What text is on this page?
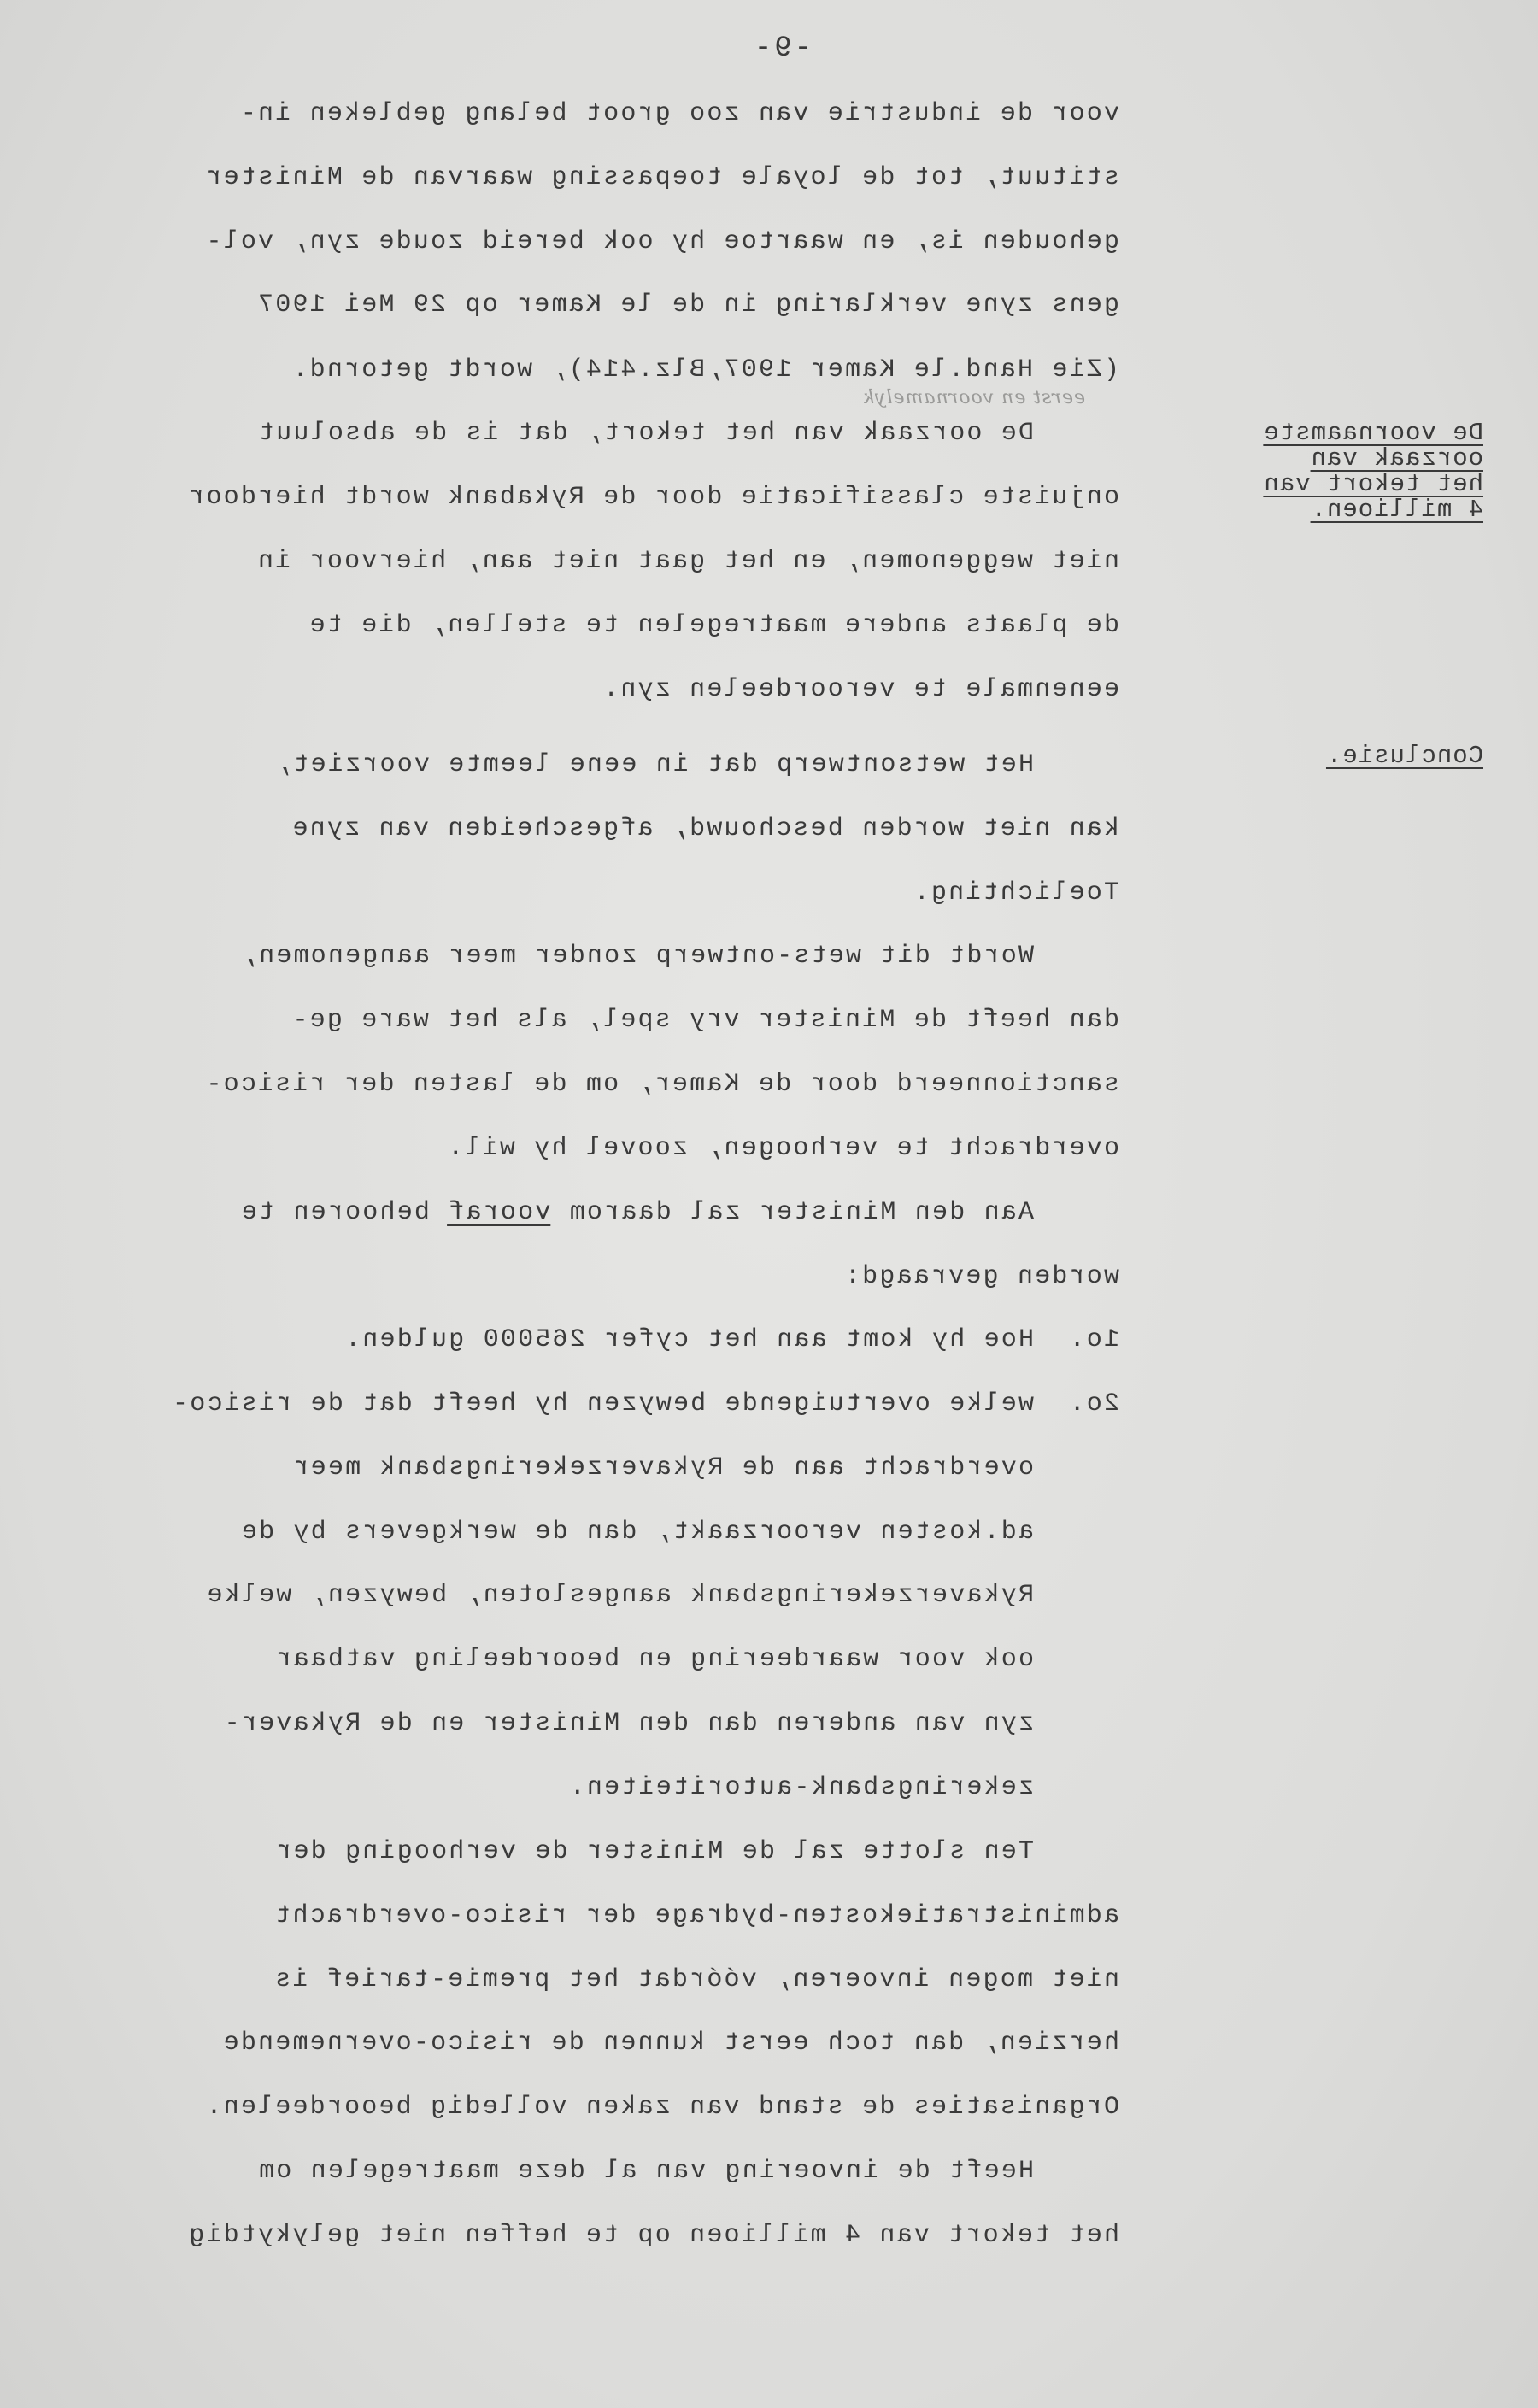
-9-
De voornaamste
oorzaak van
het tekort van
4 millioen.
Conclusie.
eerst en voornamelyk
voor de industrie van zoo groot belang gebleken in-
stituut, tot de loyale toepassing waarvan de Minister
gehouden is, en waartoe hy ook bereid zoude zyn, vol-
gens zyne verklaring in de le Kamer op 29 Mei 1907
(Zie Hand.le Kamer 1907,Blz.414), wordt getornd.
De oorzaak van het tekort, dat is de absoluut
onjuiste classificatie door de Rykabank wordt hierdoor
niet weggenomen, en het gaat niet aan, hiervoor in
de plaats andere maatregelen te stellen, die te
eenenmale te veroordeelen zyn.
Het wetsontwerp dat in eene leemte voorziet,
kan niet worden beschouwd, afgescheiden van zyne
Toelichting.
Wordt dit wets-ontwerp zonder meer aangenomen,
dan heeft de Minister vry spel, als het ware ge-
sanctionneerd door de Kamer, om de lasten der risico-
overdracht te verhoogen, zoovel hy wil.
Aan den Minister zal daarom vooraf behooren te
worden gevraagd:
1o.
Hoe hy komt aan het cyfer 265000 gulden.
2o.
welke overtuigende bewyzen hy heeft dat de risico-
overdracht aan de Rykaverzekeringsbank meer
ad.kosten veroorzaakt, dan de werkgevers by de
Rykaverzekeringsbank aangesloten, bewyzen, welke
ook voor waardeering en beoordeeling vatbaar
zyn van anderen dan den Minister en de Rykaver-
zekeringsbank-autoriteiten.
Ten slotte zal de Minister de verhooging der
administratiekosten-bydrage der risico-overdracht
niet mogen invoeren, vóórdat het premie-tarief is
herzien, dan toch eerst kunnen de risico-overnemende
Organisaties de stand van zaken volledig beoordeelen.
Heeft de invoering van al deze maatregelen om
het tekort van 4 millioen op te heffen niet gelykytdig
